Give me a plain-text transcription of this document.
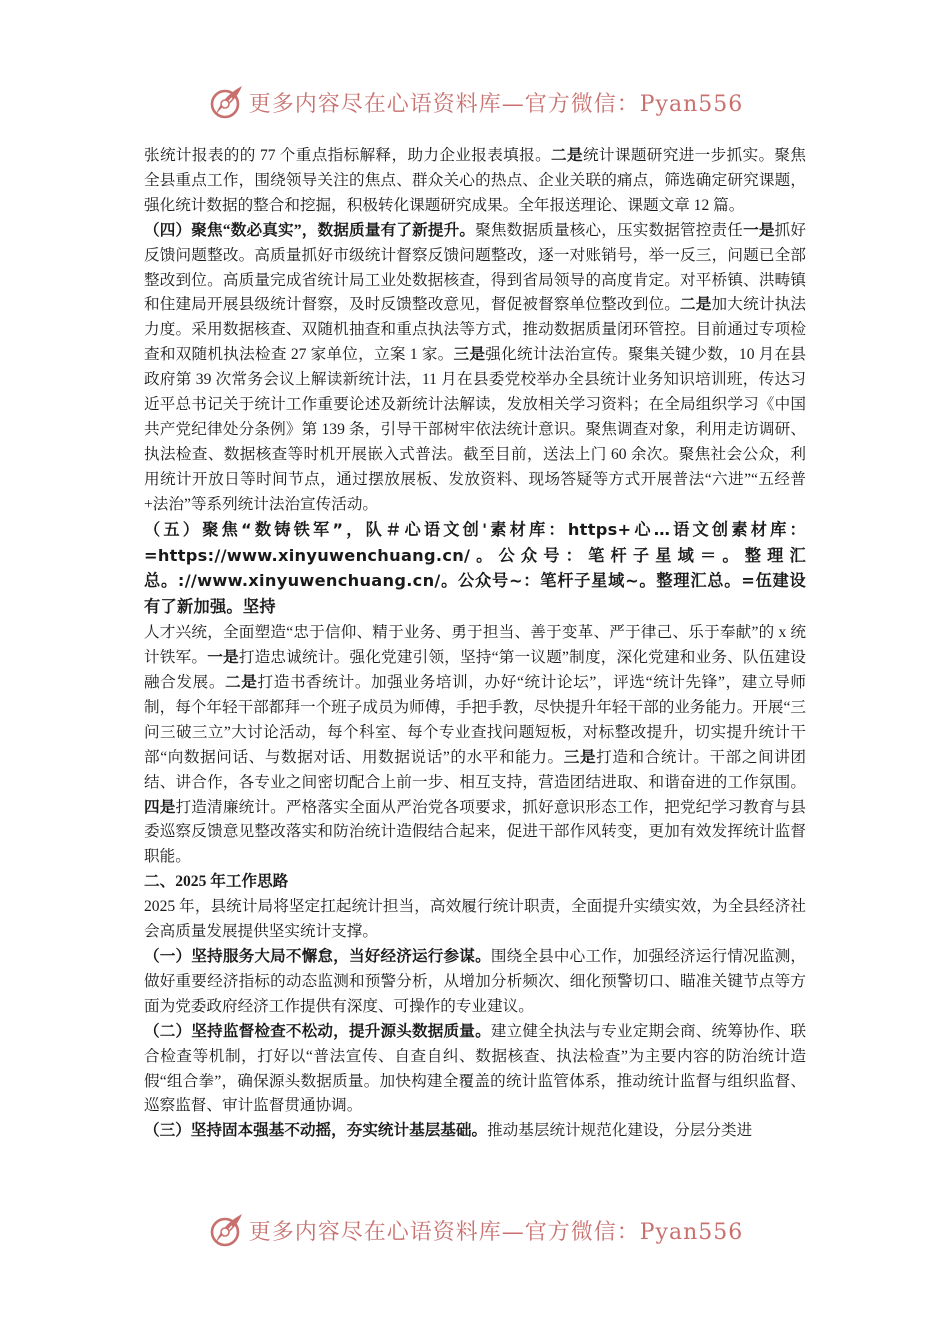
更多内容尽在心语资料库—官方微信：Pyan556

张统计报表的的 77 个重点指标解释，助力企业报表填报。二是统计课题研究进一步抓实。聚焦全县重点工作，围绕领导关注的焦点、群众关心的热点、企业关联的痛点，筛选确定研究课题，强化统计数据的整合和挖掘，积极转化课题研究成果。全年报送理论、课题文章 12 篇。

（四）聚焦“数必真实”，数据质量有了新提升。聚焦数据质量核心，压实数据管控责任一是抓好反馈问题整改。高质量抓好市级统计督察反馈问题整改，逐一对账销号，举一反三，问题已全部整改到位。高质量完成省统计局工业处数据核查，得到省局领导的高度肯定。对平桥镇、洪畴镇和住建局开展县级统计督察，及时反馈整改意见，督促被督察单位整改到位。二是加大统计执法力度。采用数据核查、双随机抽查和重点执法等方式，推动数据质量闭环管控。目前通过专项检查和双随机执法检查 27 家单位，立案 1 家。三是强化统计法治宣传。聚集关键少数，10 月在县政府第 39 次常务会议上解读新统计法，11 月在县委党校举办全县统计业务知识培训班，传达习近平总书记关于统计工作重要论述及新统计法解读，发放相关学习资料；在全局组织学习《中国共产党纪律处分条例》第 139 条，引导干部树牢依法统计意识。聚焦调查对象，利用走访调研、执法检查、数据核查等时机开展嵌入式普法。截至目前，送法上门 60 余次。聚焦社会公众，利用统计开放日等时间节点，通过摆放展板、发放资料、现场答疑等方式开展普法“六进”“五经普+法治”等系列统计法治宣传活动。

（五）聚焦“数铸铁军”，队＃心语文创'素材库：https+心…语文创素材库：=https://www.xinyuwenchuang.cn/。公众号：笔杆子星域＝。整理汇总。://www.xinyuwenchuang.cn/。公众号~：笔杆子星域~。整理汇总。=伍建设有了新加强。坚持

人才兴统，全面塑造“忠于信仰、精于业务、勇于担当、善于变革、严于律己、乐于奉献”的 x 统计铁军。一是打造忠诚统计。强化党建引领，坚持“第一议题”制度，深化党建和业务、队伍建设融合发展。二是打造书香统计。加强业务培训，办好“统计论坛”，评选“统计先锋”，建立导师制，每个年轻干部都拜一个班子成员为师傅，手把手教，尽快提升年轻干部的业务能力。开展“三问三破三立”大讨论活动，每个科室、每个专业查找问题短板，对标整改提升，切实提升统计干部“向数据问话、与数据对话、用数据说话”的水平和能力。三是打造和合统计。干部之间讲团结、讲合作，各专业之间密切配合上前一步、相互支持，营造团结进取、和谐奋进的工作氛围。四是打造清廉统计。严格落实全面从严治党各项要求，抓好意识形态工作，把党纪学习教育与县委巡察反馈意见整改落实和防治统计造假结合起来，促进干部作风转变，更加有效发挥统计监督职能。

二、2025 年工作思路

2025 年，县统计局将坚定扛起统计担当，高效履行统计职责，全面提升实绩实效，为全县经济社会高质量发展提供坚实统计支撑。

（一）坚持服务大局不懈怠，当好经济运行参谋。围绕全县中心工作，加强经济运行情况监测，做好重要经济指标的动态监测和预警分析，从增加分析频次、细化预警切口、瞄准关键节点等方面为党委政府经济工作提供有深度、可操作的专业建议。

（二）坚持监督检查不松动，提升源头数据质量。建立健全执法与专业定期会商、统筹协作、联合检查等机制，打好以“普法宣传、自查自纠、数据核查、执法检查”为主要内容的防治统计造假“组合拳”，确保源头数据质量。加快构建全覆盖的统计监管体系，推动统计监督与组织监督、巡察监督、审计监督贯通协调。

（三）坚持固本强基不动摇，夯实统计基层基础。推动基层统计规范化建设，分层分类进

更多内容尽在心语资料库—官方微信：Pyan556
